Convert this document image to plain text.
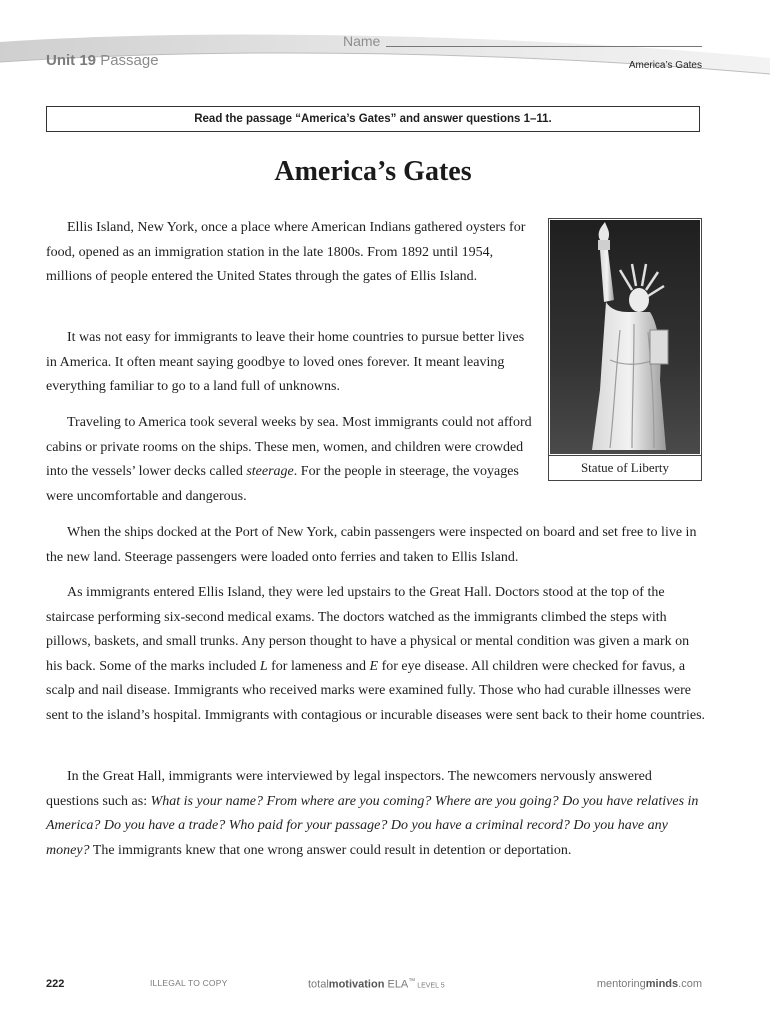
Unit 19 Passage
Name
America’s Gates
Read the passage “America’s Gates” and answer questions 1–11.
America’s Gates

Ellis Island, New York, once a place where American Indians gathered oysters for food, opened as an immigration station in the late 1800s. From 1892 until 1954, millions of people entered the United States through the gates of Ellis Island.

It was not easy for immigrants to leave their home countries to pursue better lives in America. It often meant saying goodbye to loved ones forever. It meant leaving everything familiar to go to a land full of unknowns.

Traveling to America took several weeks by sea. Most immigrants could not afford cabins or private rooms on the ships. These men, women, and children were crowded into the vessels’ lower decks called steerage. For the people in steerage, the voyages were uncomfortable and dangerous.

When the ships docked at the Port of New York, cabin passengers were inspected on board and set free to live in the new land. Steerage passengers were loaded onto ferries and taken to Ellis Island.

As immigrants entered Ellis Island, they were led upstairs to the Great Hall. Doctors stood at the top of the staircase performing six-second medical exams. The doctors watched as the immigrants climbed the steps with pillows, baskets, and small trunks. Any person thought to have a physical or mental condition was given a mark on his back. Some of the marks included L for lameness and E for eye disease. All children were checked for favus, a scalp and nail disease. Immigrants who received marks were examined fully. Those who had curable illnesses were sent to the island’s hospital. Immigrants with contagious or incurable diseases were sent back to their home countries.

In the Great Hall, immigrants were interviewed by legal inspectors. The newcomers nervously answered questions such as: What is your name? From where are you coming? Where are you going? Do you have relatives in America? Do you have a trade? Who paid for your passage? Do you have a criminal record? Do you have any money? The immigrants knew that one wrong answer could result in detention or deportation.

Statue of Liberty
222	ILLEGAL TO COPY	totalmotivation ELA™ LEVEL 5	mentoringminds.com
